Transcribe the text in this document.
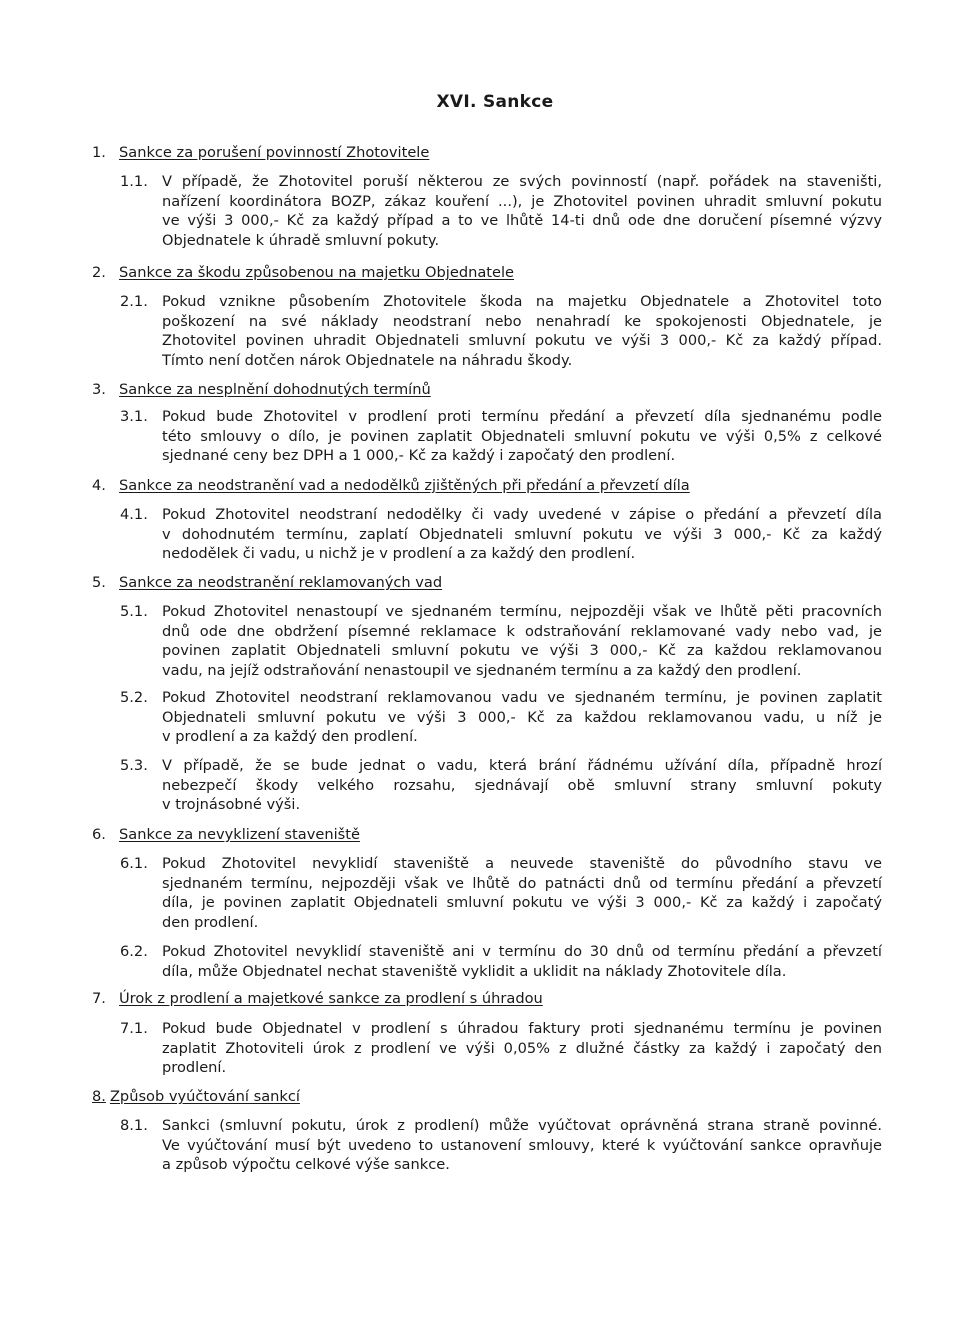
XVI. Sankce
1. Sankce za porušení povinností Zhotovitele
1.1. V případě, že Zhotovitel poruší některou ze svých povinností (např. pořádek na staveništi,
nařízení koordinátora BOZP, zákaz kouření ...), je Zhotovitel povinen uhradit smluvní pokutu
ve výši 3 000,- Kč za každý případ a to ve lhůtě 14-ti dnů ode dne doručení písemné výzvy
Objednatele k úhradě smluvní pokuty.
2. Sankce za škodu způsobenou na majetku Objednatele
2.1. Pokud vznikne působením Zhotovitele škoda na majetku Objednatele a Zhotovitel toto
poškození na své náklady neodstraní nebo nenahradí ke spokojenosti Objednatele, je
Zhotovitel povinen uhradit Objednateli smluvní pokutu ve výši 3 000,- Kč za každý případ.
Tímto není dotčen nárok Objednatele na náhradu škody.
3. Sankce za nesplnění dohodnutých termínů
3.1. Pokud bude Zhotovitel v prodlení proti termínu předání a převzetí díla sjednanému podle
této smlouvy o dílo, je povinen zaplatit Objednateli smluvní pokutu ve výši 0,5% z celkové
sjednané ceny bez DPH a 1 000,- Kč za každý i započatý den prodlení.
4. Sankce za neodstranění vad a nedodělků zjištěných při předání a převzetí díla
4.1. Pokud Zhotovitel neodstraní nedodělky či vady uvedené v zápise o předání a převzetí díla
v dohodnutém termínu, zaplatí Objednateli smluvní pokutu ve výši 3 000,- Kč za každý
nedodělek či vadu, u nichž je v prodlení a za každý den prodlení.
5. Sankce za neodstranění reklamovaných vad
5.1. Pokud Zhotovitel nenastoupí ve sjednaném termínu, nejpozději však ve lhůtě pěti pracovních
dnů ode dne obdržení písemné reklamace k odstraňování reklamované vady nebo vad, je
povinen zaplatit Objednateli smluvní pokutu ve výši 3 000,- Kč za každou reklamovanou
vadu, na jejíž odstraňování nenastoupil ve sjednaném termínu a za každý den prodlení.
5.2. Pokud Zhotovitel neodstraní reklamovanou vadu ve sjednaném termínu, je povinen zaplatit
Objednateli smluvní pokutu ve výši 3 000,- Kč za každou reklamovanou vadu, u níž je
v prodlení a za každý den prodlení.
5.3. V případě, že se bude jednat o vadu, která brání řádnému užívání díla, případně hrozí
nebezpečí škody velkého rozsahu, sjednávají obě smluvní strany smluvní pokuty
v trojnásobné výši.
6. Sankce za nevyklizení staveniště
6.1. Pokud Zhotovitel nevyklidí staveniště a neuvede staveniště do původního stavu ve
sjednaném termínu, nejpozději však ve lhůtě do patnácti dnů od termínu předání a převzetí
díla, je povinen zaplatit Objednateli smluvní pokutu ve výši 3 000,- Kč za každý i započatý
den prodlení.
6.2. Pokud Zhotovitel nevyklidí staveniště ani v termínu do 30 dnů od termínu předání a převzetí
díla, může Objednatel nechat staveniště vyklidit a uklidit na náklady Zhotovitele díla.
7. Úrok z prodlení a majetkové sankce za prodlení s úhradou
7.1. Pokud bude Objednatel v prodlení s úhradou faktury proti sjednanému termínu je povinen
zaplatit Zhotoviteli úrok z prodlení ve výši 0,05% z dlužné částky za každý i započatý den
prodlení.
8. Způsob vyúčtování sankcí
8.1. Sankci (smluvní pokutu, úrok z prodlení) může vyúčtovat oprávněná strana straně povinné.
Ve vyúčtování musí být uvedeno to ustanovení smlouvy, které k vyúčtování sankce opravňuje
a způsob výpočtu celkové výše sankce.
